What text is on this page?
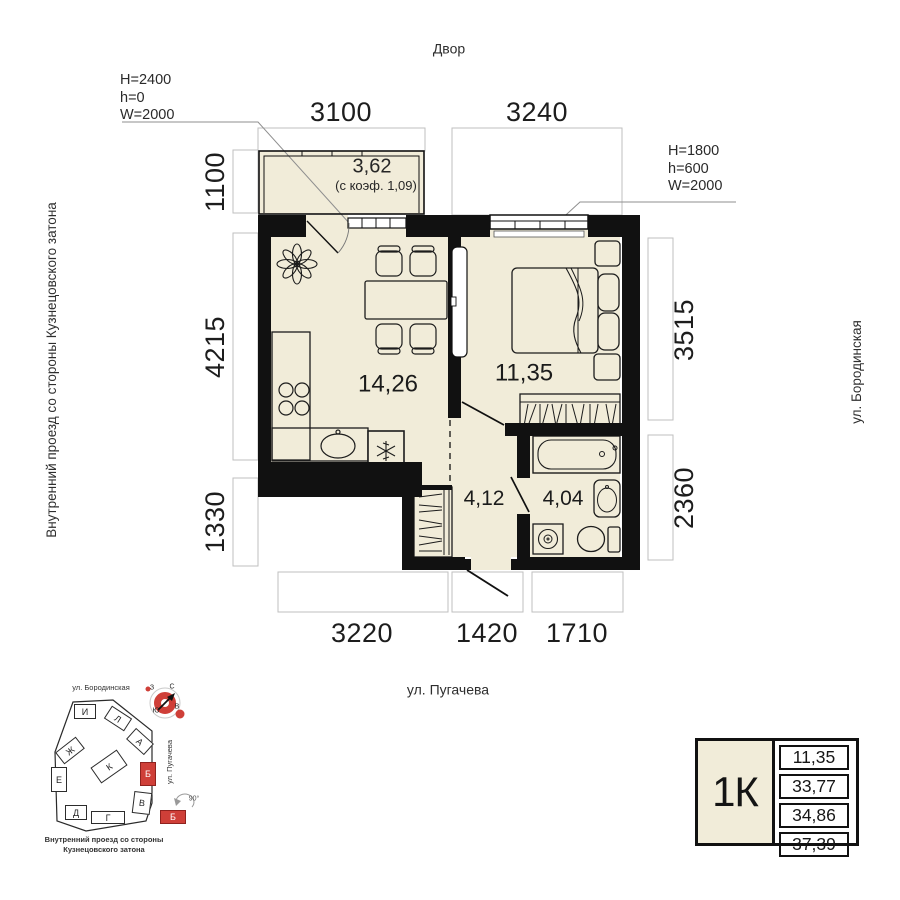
Двор
Внутренний проезд со стороны Кузнецовского затона	ул. Бородинская
ул. Пугачева
H=2400
h=0
W=2000
H=1800
h=600
W=2000
3,62
(с коэф. 1,09)
14,26	11,35
4,12 4,04
3100	3240
1100
4215
1330
3515
2360
3220 1420 1710
ул. Бородинская
ул. Пугачева
Внутренний проезд со стороны
Кузнецовского затона
И
Л
А
Ж
К
Е
Б
В
Д	Г	Б
90°
С
В
Ю
З
1К
11,35
33,77
34,86
37,39
